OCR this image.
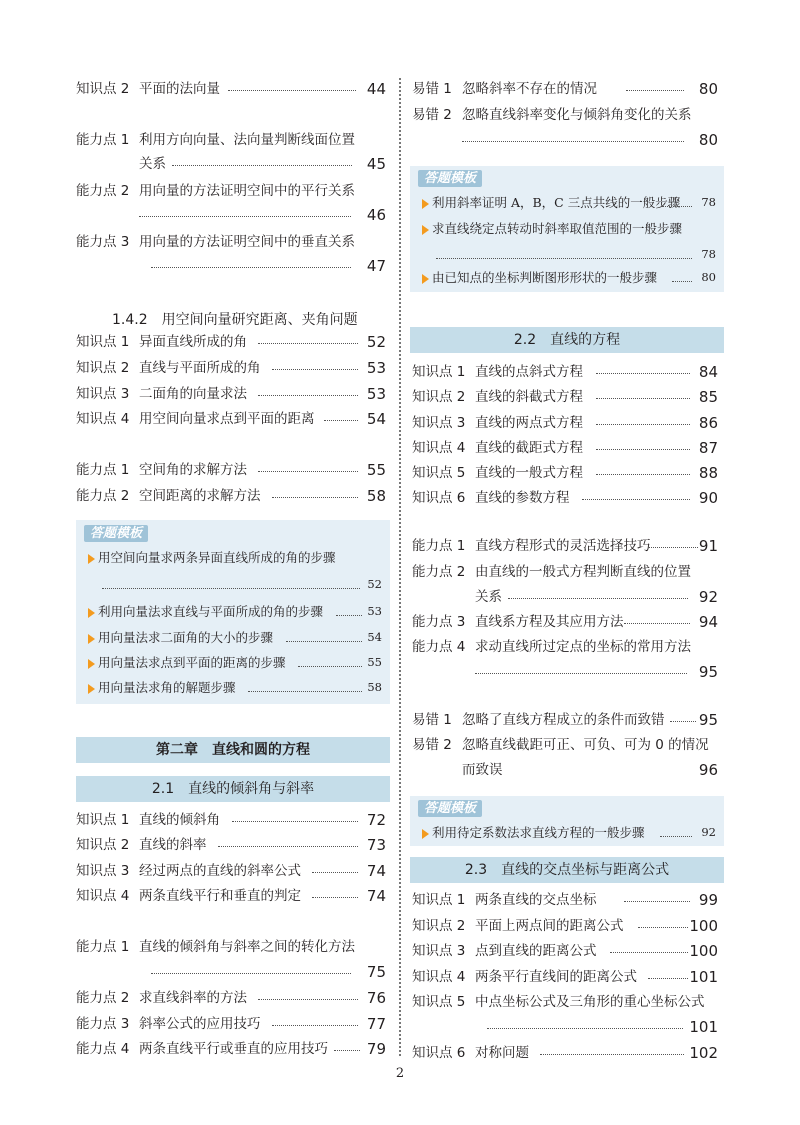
知识点 2 平面的法向量	44
能力点 1 利用方向向量、法向量判断线面位置
关系	45
能力点 2 用向量的方法证明空间中的平行关系
46
能力点 3 用向量的方法证明空间中的垂直关系
47
1.4.2　用空间向量研究距离、夹角问题
知识点 1 异面直线所成的角	52
知识点 2 直线与平面所成的角	53
知识点 3 二面角的向量求法	53
知识点 4 用空间向量求点到平面的距离	54
能力点 1 空间角的求解方法	55
能力点 2 空间距离的求解方法	58
答题模板
用空间向量求两条异面直线所成的角的步骤
52
利用向量法求直线与平面所成的角的步骤	53
用向量法求二面角的大小的步骤	54
用向量法求点到平面的距离的步骤	55
用向量法求角的解题步骤	58
第二章　直线和圆的方程
2.1　直线的倾斜角与斜率
知识点 1 直线的倾斜角	72
知识点 2 直线的斜率	73
知识点 3 经过两点的直线的斜率公式	74
知识点 4 两条直线平行和垂直的判定	74
能力点 1 直线的倾斜角与斜率之间的转化方法
75
能力点 2 求直线斜率的方法	76
能力点 3 斜率公式的应用技巧	77
能力点 4 两条直线平行或垂直的应用技巧	79
易错 1 忽略斜率不存在的情况	80
易错 2 忽略直线斜率变化与倾斜角变化的关系
80
答题模板
利用斜率证明 A，B，C 三点共线的一般步骤	78
求直线绕定点转动时斜率取值范围的一般步骤
78
由已知点的坐标判断图形形状的一般步骤	80
2.2　直线的方程
知识点 1 直线的点斜式方程	84
知识点 2 直线的斜截式方程	85
知识点 3 直线的两点式方程	86
知识点 4 直线的截距式方程	87
知识点 5 直线的一般式方程	88
知识点 6 直线的参数方程	90
能力点 1 直线方程形式的灵活选择技巧	91
能力点 2 由直线的一般式方程判断直线的位置
关系	92
能力点 3 直线系方程及其应用方法	94
能力点 4 求动直线所过定点的坐标的常用方法
95
易错 1 忽略了直线方程成立的条件而致错 95
易错 2 忽略直线截距可正、可负、可为 0 的情况
而致误	96
答题模板
利用待定系数法求直线方程的一般步骤	92
2.3　直线的交点坐标与距离公式
知识点 1 两条直线的交点坐标	99
知识点 2 平面上两点间的距离公式	100
知识点 3 点到直线的距离公式	100
知识点 4 两条平行直线间的距离公式	101
知识点 5 中点坐标公式及三角形的重心坐标公式
101
知识点 6 对称问题	102
2
